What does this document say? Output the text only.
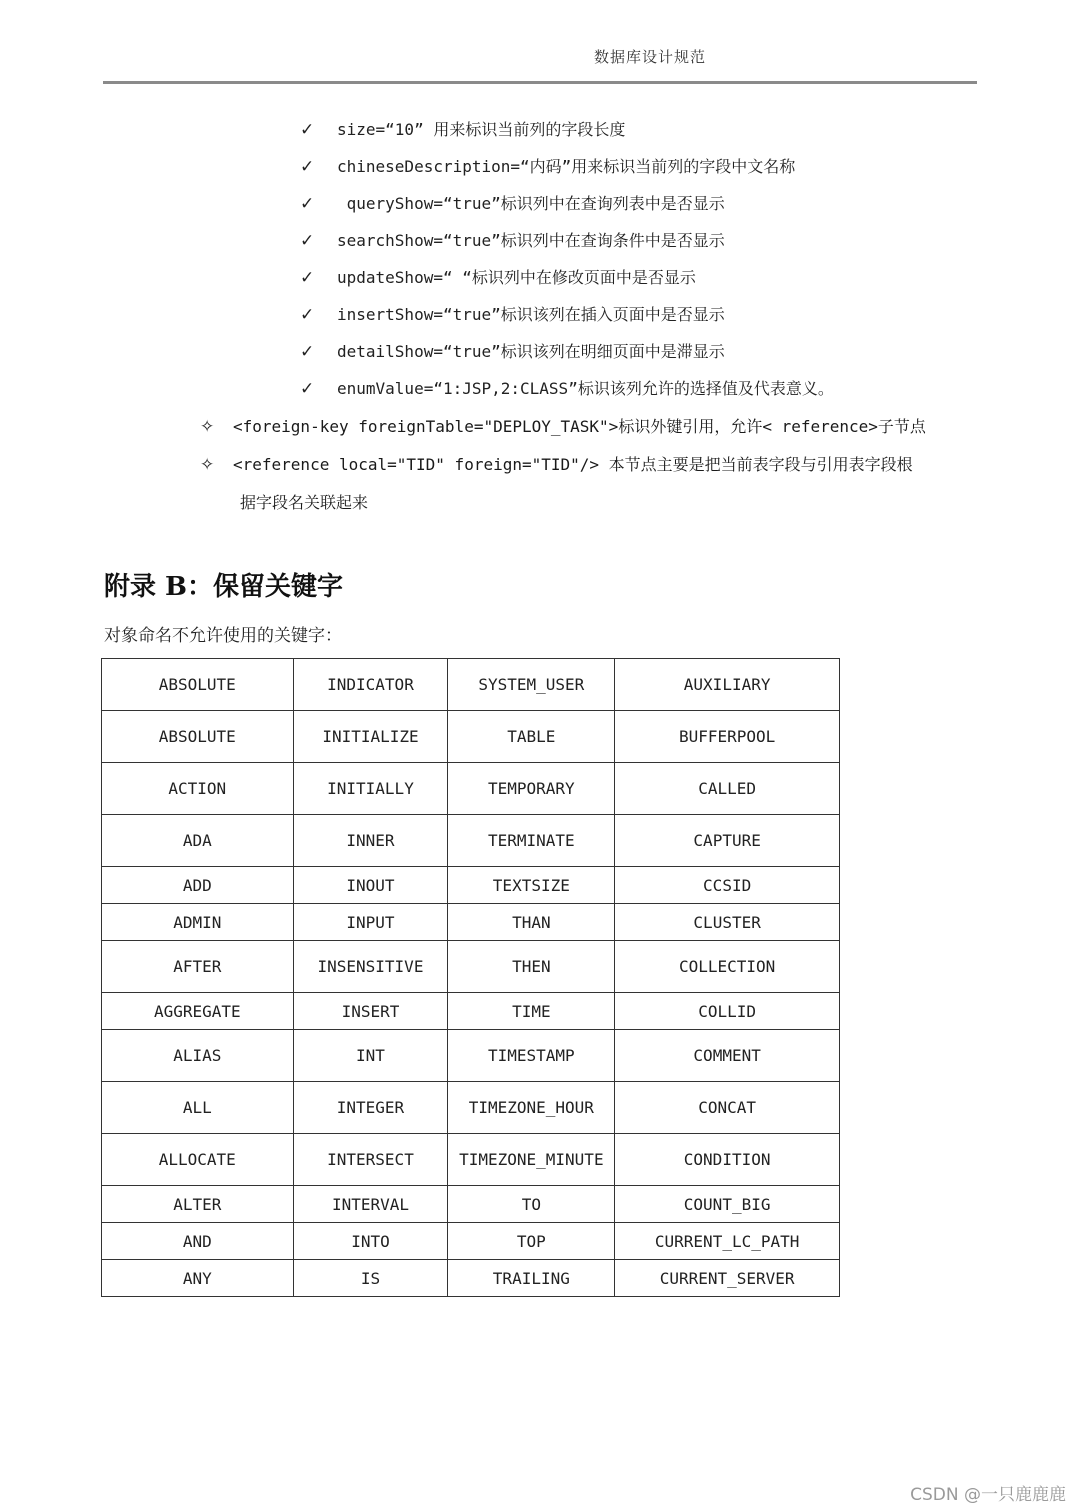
数据库设计规范
✓ size=“10” 用来标识当前列的字段长度
✓ chineseDescription=“内码”用来标识当前列的字段中文名称
✓ queryShow=“true”标识列中在查询列表中是否显示
✓ searchShow=“true”标识列中在查询条件中是否显示
✓ updateShow=“ “标识列中在修改页面中是否显示
✓ insertShow=“true”标识该列在插入页面中是否显示
✓ detailShow=“true”标识该列在明细页面中是滞显示
✓ enumValue=“1:JSP,2:CLASS”标识该列允许的选择值及代表意义。
✧ <foreign-key foreignTable="DEPLOY_TASK">标识外键引用，允许< reference>子节点
✧ <reference local="TID" foreign="TID"/> 本节点主要是把当前表字段与引用表字段根
据字段名关联起来
附录 B：保留关键字
对象命名不允许使用的关键字：
ABSOLUTE	INDICATOR	SYSTEM_USER	AUXILIARY
ABSOLUTE	INITIALIZE	TABLE	BUFFERPOOL
ACTION	INITIALLY	TEMPORARY	CALLED
ADA	INNER	TERMINATE	CAPTURE
ADD	INOUT	TEXTSIZE	CCSID
ADMIN	INPUT	THAN	CLUSTER
AFTER	INSENSITIVE	THEN	COLLECTION
AGGREGATE	INSERT	TIME	COLLID
ALIAS	INT	TIMESTAMP	COMMENT
ALL	INTEGER	TIMEZONE_HOUR	CONCAT
ALLOCATE	INTERSECT	TIMEZONE_MINUTE	CONDITION
ALTER	INTERVAL	TO	COUNT_BIG
AND	INTO	TOP	CURRENT_LC_PATH
ANY	IS	TRAILING	CURRENT_SERVER
CSDN @一只鹿鹿鹿
